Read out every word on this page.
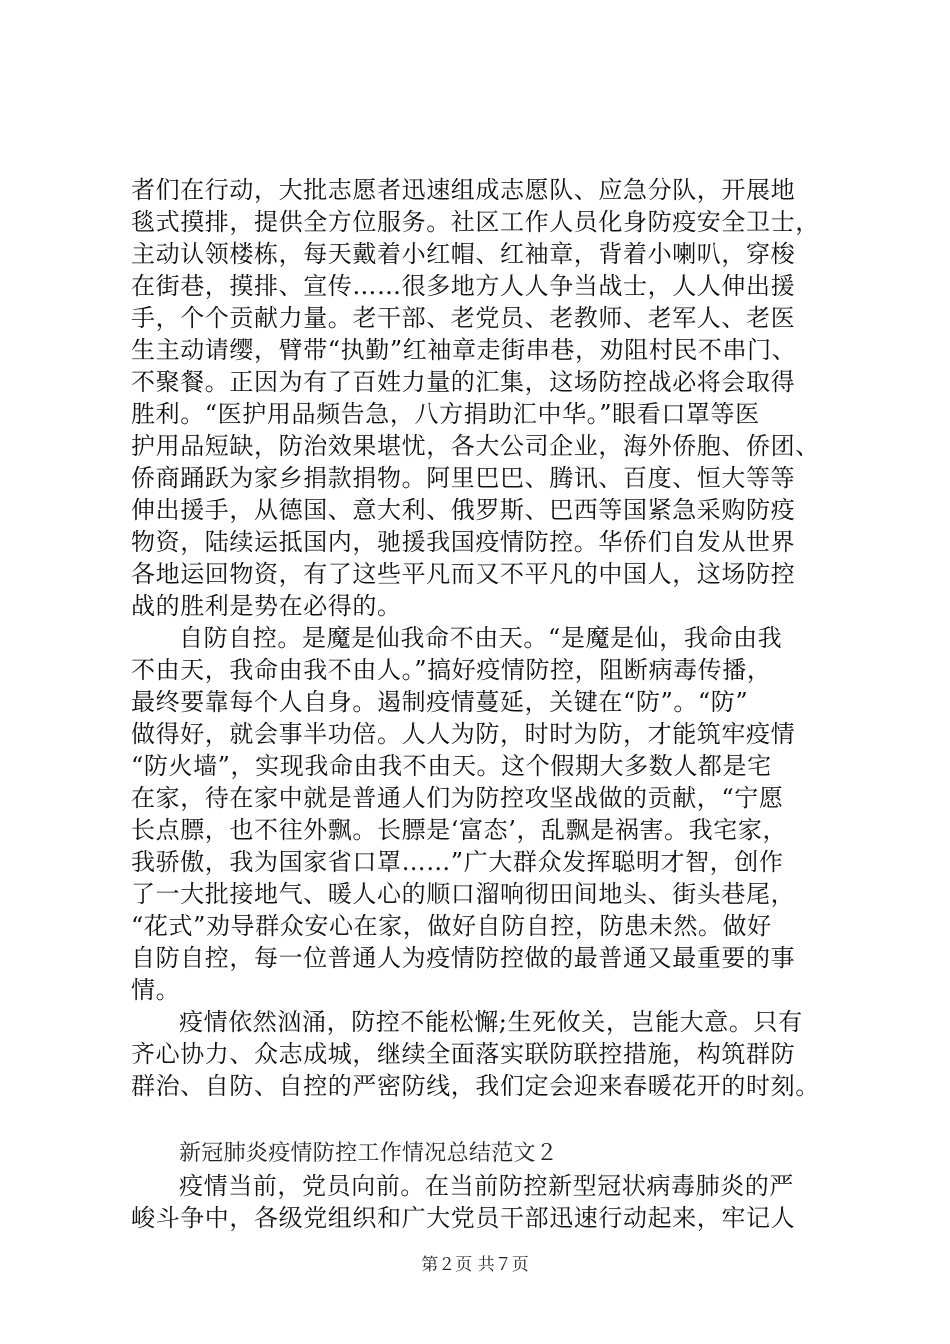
者们在行动，大批志愿者迅速组成志愿队、应急分队，开展地
毯式摸排，提供全方位服务。社区工作人员化身防疫安全卫士，
主动认领楼栋，每天戴着小红帽、红袖章，背着小喇叭，穿梭
在街巷，摸排、宣传……很多地方人人争当战士，人人伸出援
手，个个贡献力量。老干部、老党员、老教师、老军人、老医
生主动请缨，臂带“执勤”红袖章走街串巷，劝阻村民不串门、
不聚餐。正因为有了百姓力量的汇集，这场防控战必将会取得
胜利。“医护用品频告急，八方捐助汇中华。”眼看口罩等医
护用品短缺，防治效果堪忧，各大公司企业，海外侨胞、侨团、
侨商踊跃为家乡捐款捐物。阿里巴巴、腾讯、百度、恒大等等
伸出援手，从德国、意大利、俄罗斯、巴西等国紧急采购防疫
物资，陆续运抵国内，驰援我国疫情防控。华侨们自发从世界
各地运回物资，有了这些平凡而又不平凡的中国人，这场防控
战的胜利是势在必得的。
自防自控。是魔是仙我命不由天。“是魔是仙，我命由我
不由天，我命由我不由人。”搞好疫情防控，阻断病毒传播，
最终要靠每个人自身。遏制疫情蔓延，关键在“防”。“防”
做得好，就会事半功倍。人人为防，时时为防，才能筑牢疫情
“防火墙”，实现我命由我不由天。这个假期大多数人都是宅
在家，待在家中就是普通人们为防控攻坚战做的贡献，“宁愿
长点膘，也不往外飘。长膘是‘富态’，乱飘是祸害。我宅家，
我骄傲，我为国家省口罩……”广大群众发挥聪明才智，创作
了一大批接地气、暖人心的顺口溜响彻田间地头、街头巷尾，
“花式”劝导群众安心在家，做好自防自控，防患未然。做好
自防自控，每一位普通人为疫情防控做的最普通又最重要的事
情。
疫情依然汹涌，防控不能松懈;生死攸关，岂能大意。只有
齐心协力、众志成城，继续全面落实联防联控措施，构筑群防
群治、自防、自控的严密防线，我们定会迎来春暖花开的时刻。
新冠肺炎疫情防控工作情况总结范文２
疫情当前，党员向前。在当前防控新型冠状病毒肺炎的严
峻斗争中，各级党组织和广大党员干部迅速行动起来，牢记人
第２页 共７页
